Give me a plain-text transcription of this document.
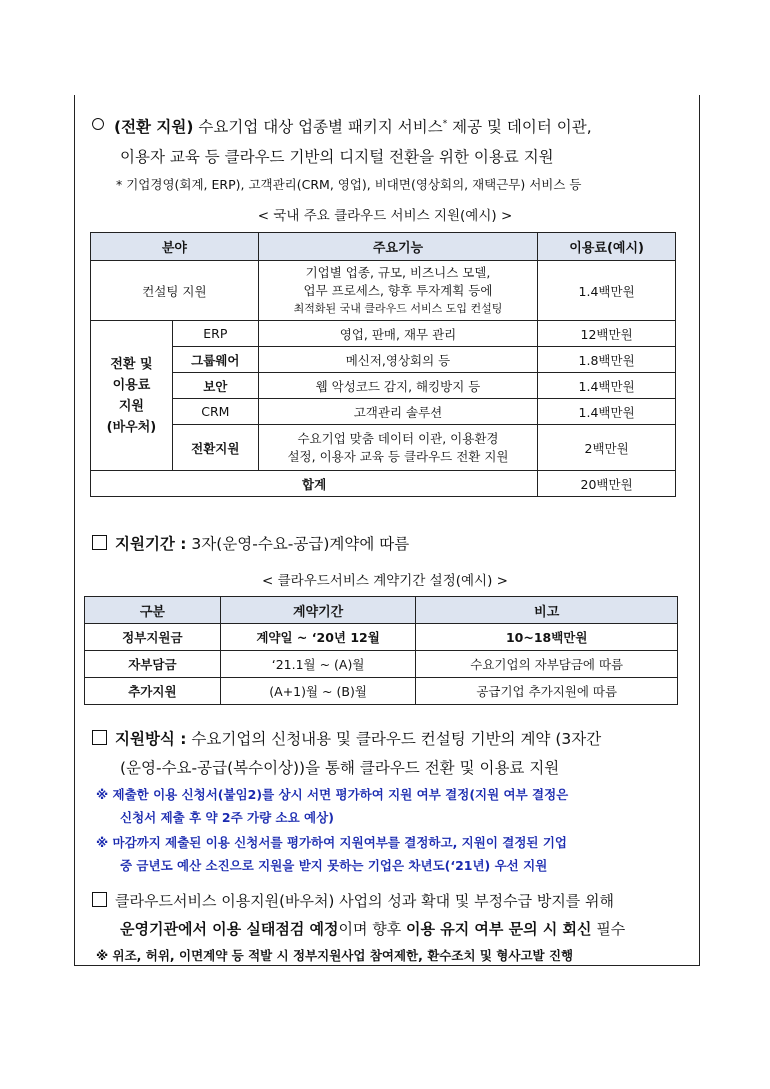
(전환 지원) 수요기업 대상 업종별 패키지 서비스* 제공 및 데이터 이관,
이용자 교육 등 클라우드 기반의 디지털 전환을 위한 이용료 지원
* 기업경영(회계, ERP), 고객관리(CRM, 영업), 비대면(영상회의, 재택근무) 서비스 등
< 국내 주요 클라우드 서비스 지원(예시) >
분야		주요기능	이용료(예시)
컨설팅 지원		기업별 업종, 규모, 비즈니스 모델,
업무 프로세스, 향후 투자계획 등에
최적화된 국내 클라우드 서비스 도입 컨설팅	1.4백만원

전환 및
이용료
지원
(바우처)	ERP	영업, 판매, 재무 관리	12백만원
	그룹웨어	메신저,영상회의 등	1.8백만원
	보안	웹 악성코드 감지, 해킹방지 등	1.4백만원
	CRM	고객관리 솔루션	1.4백만원
	전환지원	수요기업 맞춤 데이터 이관, 이용환경
설정, 이용자 교육 등 클라우드 전환 지원	2백만원
합계			20백만원
지원기간 : 3자(운영-수요-공급)계약에 따름
< 클라우드서비스 계약기간 설정(예시) >
구분	계약기간	비고
정부지원금	계약일 ~ ‘20년 12월	10~18백만원
자부담금	‘21.1월 ~ (A)월	수요기업의 자부담금에 따름
추가지원	(A+1)월 ~ (B)월	공급기업 추가지원에 따름
지원방식 : 수요기업의 신청내용 및 클라우드 컨설팅 기반의 계약 (3자간
(운영-수요-공급(복수이상))을 통해 클라우드 전환 및 이용료 지원
※ 제출한 이용 신청서(붙임2)를 상시 서면 평가하여 지원 여부 결정(지원 여부 결정은
신청서 제출 후 약 2주 가량 소요 예상)
※ 마감까지 제출된 이용 신청서를 평가하여 지원여부를 결정하고, 지원이 결정된 기업
중 금년도 예산 소진으로 지원을 받지 못하는 기업은 차년도(‘21년) 우선 지원
클라우드서비스 이용지원(바우처) 사업의 성과 확대 및 부정수급 방지를 위해
운영기관에서 이용 실태점검 예정이며 향후 이용 유지 여부 문의 시 회신 필수
※ 위조, 허위, 이면계약 등 적발 시 정부지원사업 참여제한, 환수조치 및 형사고발 진행
